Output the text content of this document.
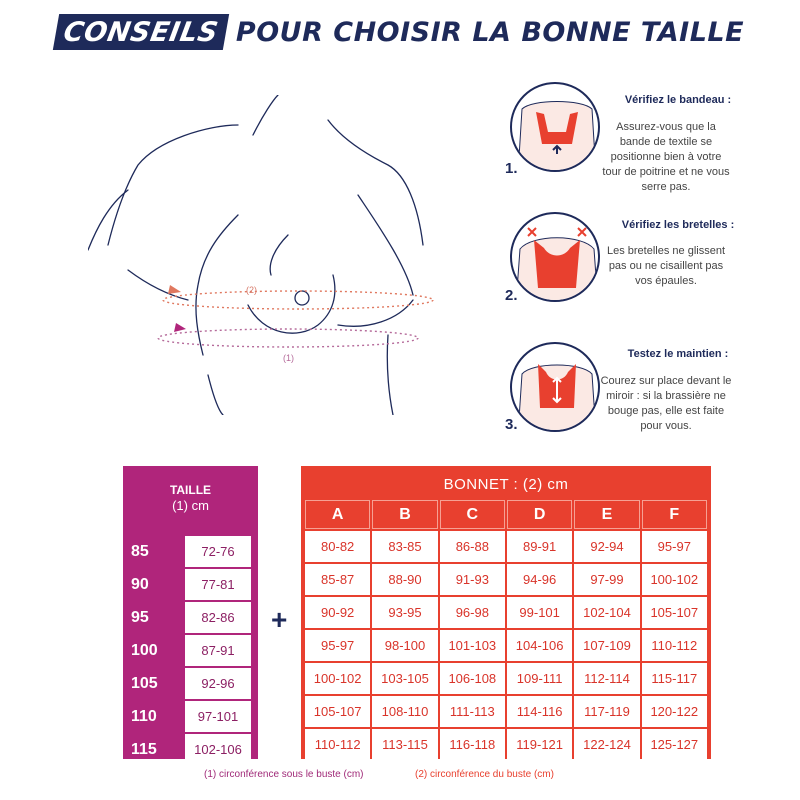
CONSEILS POUR CHOISIR LA BONNE TAILLE
(2)
(1)
1.
Vérifiez le bandeau :

Assurez-vous que la bande de textile se positionne bien à votre tour de poitrine et ne vous serre pas.

2.
Vérifiez les bretelles :

Les bretelles ne glissent pas ou ne cisaillent pas vos épaules.

3.
Testez le maintien :

Courez sur place devant le miroir : si la brassière ne bouge pas, elle est faite pour vous.

TAILLE
(1) cm
85	72-76
90	77-81
95	82-86
100	87-91
105	92-96
110	97-101
115	102-106
+
BONNET : (2) cm
A	B	C	D	E	F
80-82	83-85	86-88	89-91	92-94	95-97
85-87	88-90	91-93	94-96	97-99	100-102
90-92	93-95	96-98	99-101	102-104	105-107
95-97	98-100	101-103	104-106	107-109	110-112
100-102	103-105	106-108	109-111	112-114	115-117
105-107	108-110	111-113	114-116	117-119	120-122
110-112	113-115	116-118	119-121	122-124	125-127
(1) circonférence sous le buste (cm)	(2) circonférence du buste (cm)
